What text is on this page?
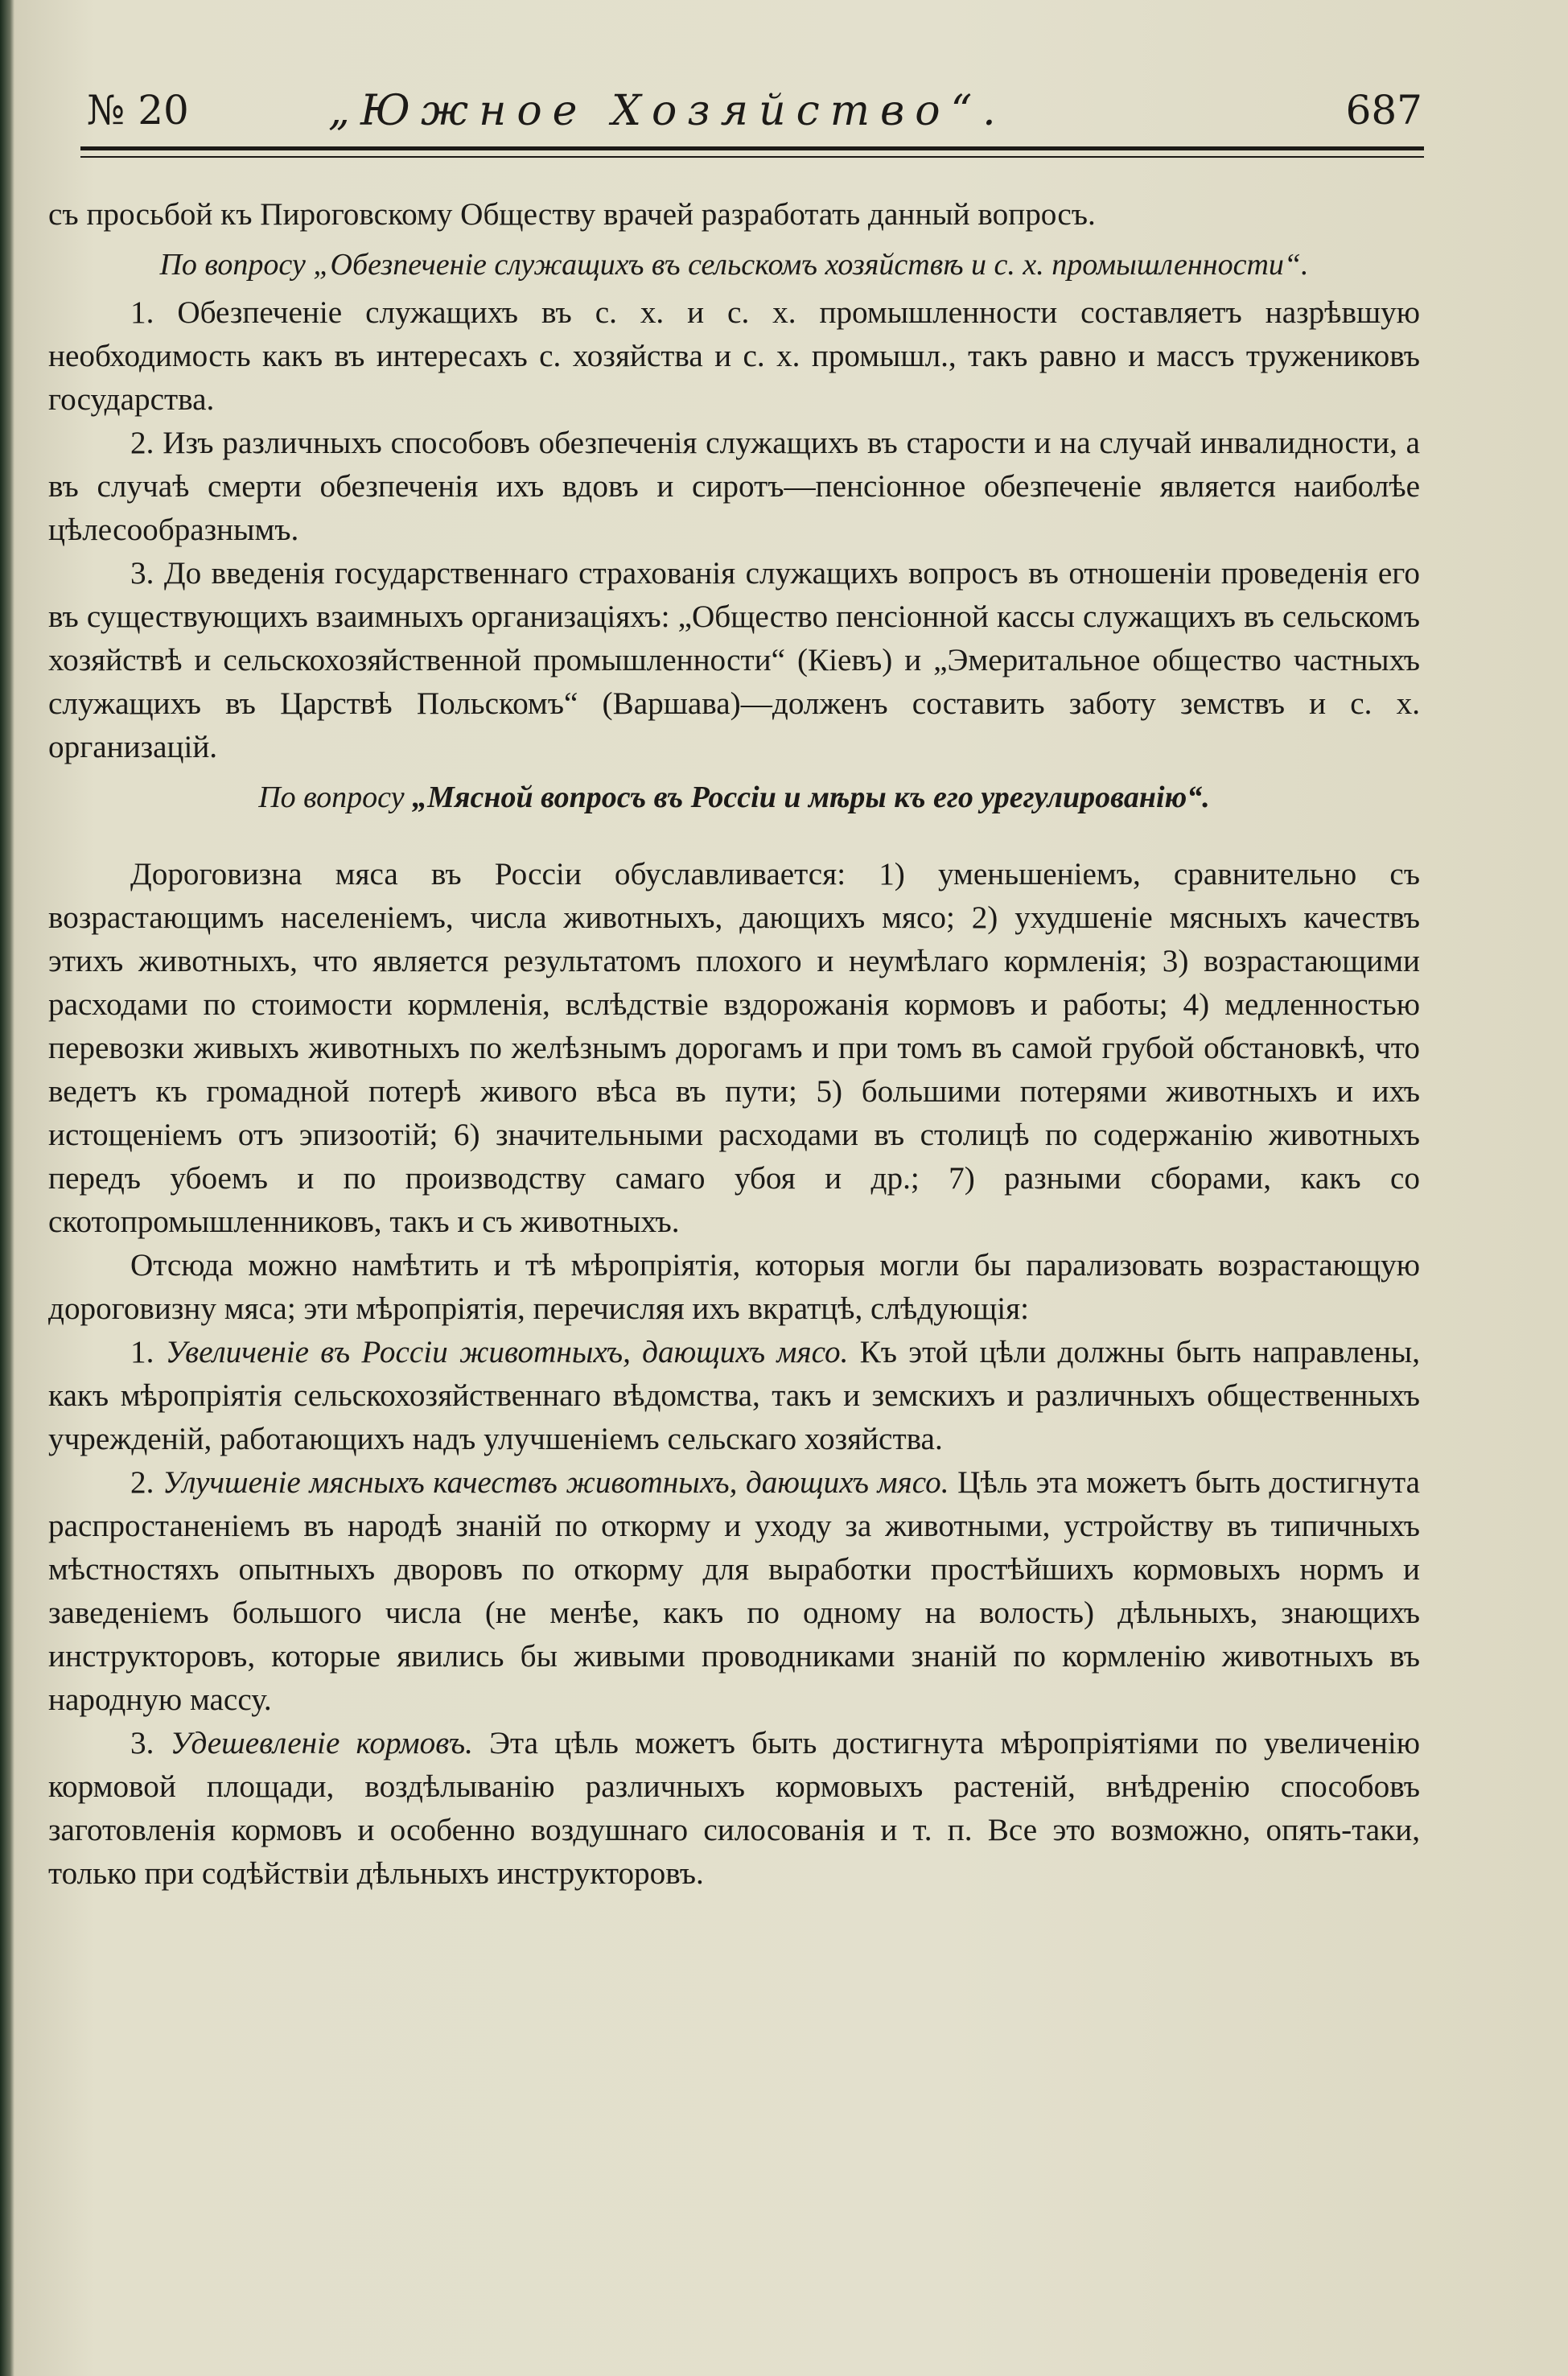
№ 20	„Южное Хозяйство“.	687

съ просьбой къ Пироговскому Обществу врачей разработать данный вопросъ.

По вопросу „Обезпеченіе служащихъ въ сельскомъ хозяйствѣ и с. х. промышленности“.

1. Обезпеченіе служащихъ въ с. х. и с. х. промышленности составляетъ назрѣвшую необходимость какъ въ интересахъ с. хозяйства и с. х. промышл., такъ равно и массъ тружениковъ государства.

2. Изъ различныхъ способовъ обезпеченія служащихъ въ старости и на случай инвалидности, а въ случаѣ смерти обезпеченія ихъ вдовъ и сиротъ—пенсіонное обезпеченіе является наиболѣе цѣлесообразнымъ.

3. До введенія государственнаго страхованія служащихъ вопросъ въ отношеніи проведенія его въ существующихъ взаимныхъ организаціяхъ: „Общество пенсіонной кассы служащихъ въ сельскомъ хозяйствѣ и сельскохозяйственной промышленности“ (Кіевъ) и „Эмеритальное общество частныхъ служащихъ въ Царствѣ Польскомъ“ (Варшава)—долженъ составить заботу земствъ и с. х. организацій.

По вопросу „Мясной вопросъ въ Россіи и мѣры къ его урегулированію“.

Дороговизна мяса въ Россіи обуславливается: 1) уменьшеніемъ, сравнительно съ возрастающимъ населеніемъ, числа животныхъ, дающихъ мясо; 2) ухудшеніе мясныхъ качествъ этихъ животныхъ, что является результатомъ плохого и неумѣлаго кормленія; 3) возрастающими расходами по стоимости кормленія, вслѣдствіе вздорожанія кормовъ и работы; 4) медленностью перевозки живыхъ животныхъ по желѣзнымъ дорогамъ и при томъ въ самой грубой обстановкѣ, что ведетъ къ громадной потерѣ живого вѣса въ пути; 5) большими потерями животныхъ и ихъ истощеніемъ отъ эпизоотій; 6) значительными расходами въ столицѣ по содержанію животныхъ передъ убоемъ и по производству самаго убоя и др.; 7) разными сборами, какъ со скотопромышленниковъ, такъ и съ животныхъ.

Отсюда можно намѣтить и тѣ мѣропріятія, которыя могли бы парализовать возрастающую дороговизну мяса; эти мѣропріятія, перечисляя ихъ вкратцѣ, слѣдующія:

1. Увеличеніе въ Россіи животныхъ, дающихъ мясо. Къ этой цѣли должны быть направлены, какъ мѣропріятія сельскохозяйственнаго вѣдомства, такъ и земскихъ и различныхъ общественныхъ учрежденій, работающихъ надъ улучшеніемъ сельскаго хозяйства.

2. Улучшеніе мясныхъ качествъ животныхъ, дающихъ мясо. Цѣль эта можетъ быть достигнута распростаненіемъ въ народѣ знаній по откорму и уходу за животными, устройству въ типичныхъ мѣстностяхъ опытныхъ дворовъ по откорму для выработки простѣйшихъ кормовыхъ нормъ и заведеніемъ большого числа (не менѣе, какъ по одному на волость) дѣльныхъ, знающихъ инструкторовъ, которые явились бы живыми проводниками знаній по кормленію животныхъ въ народную массу.

3. Удешевленіе кормовъ. Эта цѣль можетъ быть достигнута мѣропріятіями по увеличенію кормовой площади, воздѣлыванію различныхъ кормовыхъ растеній, внѣдренію способовъ заготовленія кормовъ и особенно воздушнаго силосованія и т. п. Все это возможно, опять-таки, только при содѣйствіи дѣльныхъ инструкторовъ.
